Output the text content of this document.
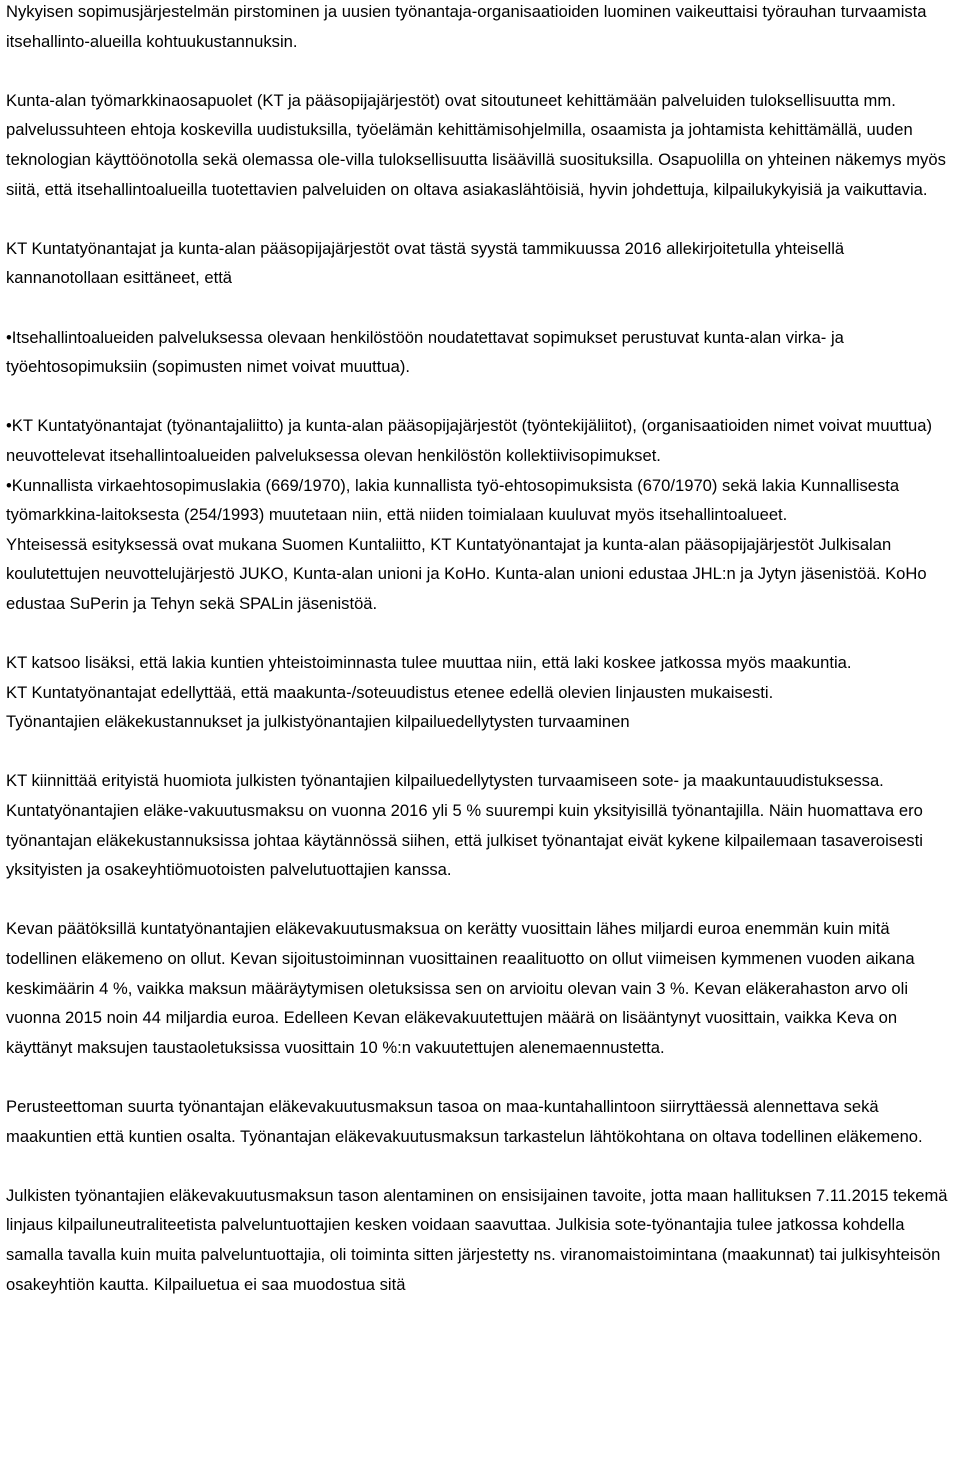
Nykyisen sopimusjärjestelmän pirstominen ja uusien työnantaja-organisaatioiden luominen vaikeuttaisi työrauhan turvaamista itsehallinto-alueilla kohtuukustannuksin.

Kunta-alan työmarkkinaosapuolet (KT ja pääsopijajärjestöt) ovat sitoutuneet kehittämään palveluiden tuloksellisuutta mm. palvelussuhteen ehtoja koskevilla uudistuksilla, työelämän kehittämisohjelmilla, osaamista ja johtamista kehittämällä, uuden teknologian käyttöönotolla sekä olemassa ole-villa tuloksellisuutta lisäävillä suosituksilla. Osapuolilla on yhteinen näkemys myös siitä, että itsehallintoalueilla tuotettavien palveluiden on oltava asiakaslähtöisiä, hyvin johdettuja, kilpailukykyisiä ja vaikuttavia.

KT Kuntatyönantajat ja kunta-alan pääsopijajärjestöt ovat tästä syystä tammikuussa 2016 allekirjoitetulla yhteisellä kannanotollaan esittäneet, että

•Itsehallintoalueiden palveluksessa olevaan henkilöstöön noudatettavat sopimukset perustuvat kunta-alan virka- ja työehtosopimuksiin (sopimusten nimet voivat muuttua).

•KT Kuntatyönantajat (työnantajaliitto) ja kunta-alan pääsopijajärjestöt (työntekijäliitot), (organisaatioiden nimet voivat muuttua) neuvottelevat itsehallintoalueiden palveluksessa olevan henkilöstön kollektiivisopimukset.

•Kunnallista virkaehtosopimuslakia (669/1970), lakia kunnallista työ-ehtosopimuksista (670/1970) sekä lakia Kunnallisesta työmarkkina-laitoksesta (254/1993) muutetaan niin, että niiden toimialaan kuuluvat myös itsehallintoalueet.

Yhteisessä esityksessä ovat mukana Suomen Kuntaliitto, KT Kuntatyönantajat ja kunta-alan pääsopijajärjestöt Julkisalan koulutettujen neuvottelujärjestö JUKO, Kunta-alan unioni ja KoHo. Kunta-alan unioni edustaa JHL:n ja Jytyn jäsenistöä. KoHo edustaa SuPerin ja Tehyn sekä SPALin jäsenistöä.

KT katsoo lisäksi, että lakia kuntien yhteistoiminnasta tulee muuttaa niin, että laki koskee jatkossa myös maakuntia.

KT Kuntatyönantajat edellyttää, että maakunta-/soteuudistus etenee edellä olevien linjausten mukaisesti.

Työnantajien eläkekustannukset ja julkistyönantajien kilpailuedellytysten turvaaminen

KT kiinnittää erityistä huomiota julkisten työnantajien kilpailuedellytysten turvaamiseen sote- ja maakuntauudistuksessa. Kuntatyönantajien eläke-vakuutusmaksu on vuonna 2016 yli 5 % suurempi kuin yksityisillä työnantajilla. Näin huomattava ero työnantajan eläkekustannuksissa johtaa käytännössä siihen, että julkiset työnantajat eivät kykene kilpailemaan tasaveroisesti yksityisten ja osakeyhtiömuotoisten palvelutuottajien kanssa.

Kevan päätöksillä kuntatyönantajien eläkevakuutusmaksua on kerätty vuosittain lähes miljardi euroa enemmän kuin mitä todellinen eläkemeno on ollut. Kevan sijoitustoiminnan vuosittainen reaalituotto on ollut viimeisen kymmenen vuoden aikana keskimäärin 4 %, vaikka maksun määräytymisen oletuksissa sen on arvioitu olevan vain 3 %. Kevan eläkerahaston arvo oli vuonna 2015 noin 44 miljardia euroa. Edelleen Kevan eläkevakuutettujen määrä on lisääntynyt vuosittain, vaikka Keva on käyttänyt maksujen taustaoletuksissa vuosittain 10 %:n vakuutettujen alenemaennustetta.

Perusteettoman suurta työnantajan eläkevakuutusmaksun tasoa on maa-kuntahallintoon siirryttäessä alennettava sekä maakuntien että kuntien osalta. Työnantajan eläkevakuutusmaksun tarkastelun lähtökohtana on oltava todellinen eläkemeno.

Julkisten työnantajien eläkevakuutusmaksun tason alentaminen on ensisijainen tavoite, jotta maan hallituksen 7.11.2015 tekemä linjaus kilpailuneutraliteetista palveluntuottajien kesken voidaan saavuttaa. Julkisia sote-työnantajia tulee jatkossa kohdella samalla tavalla kuin muita palveluntuottajia, oli toiminta sitten järjestetty ns. viranomaistoimintana (maakunnat) tai julkisyhteisön osakeyhtiön kautta. Kilpailuetua ei saa muodostua sitä
